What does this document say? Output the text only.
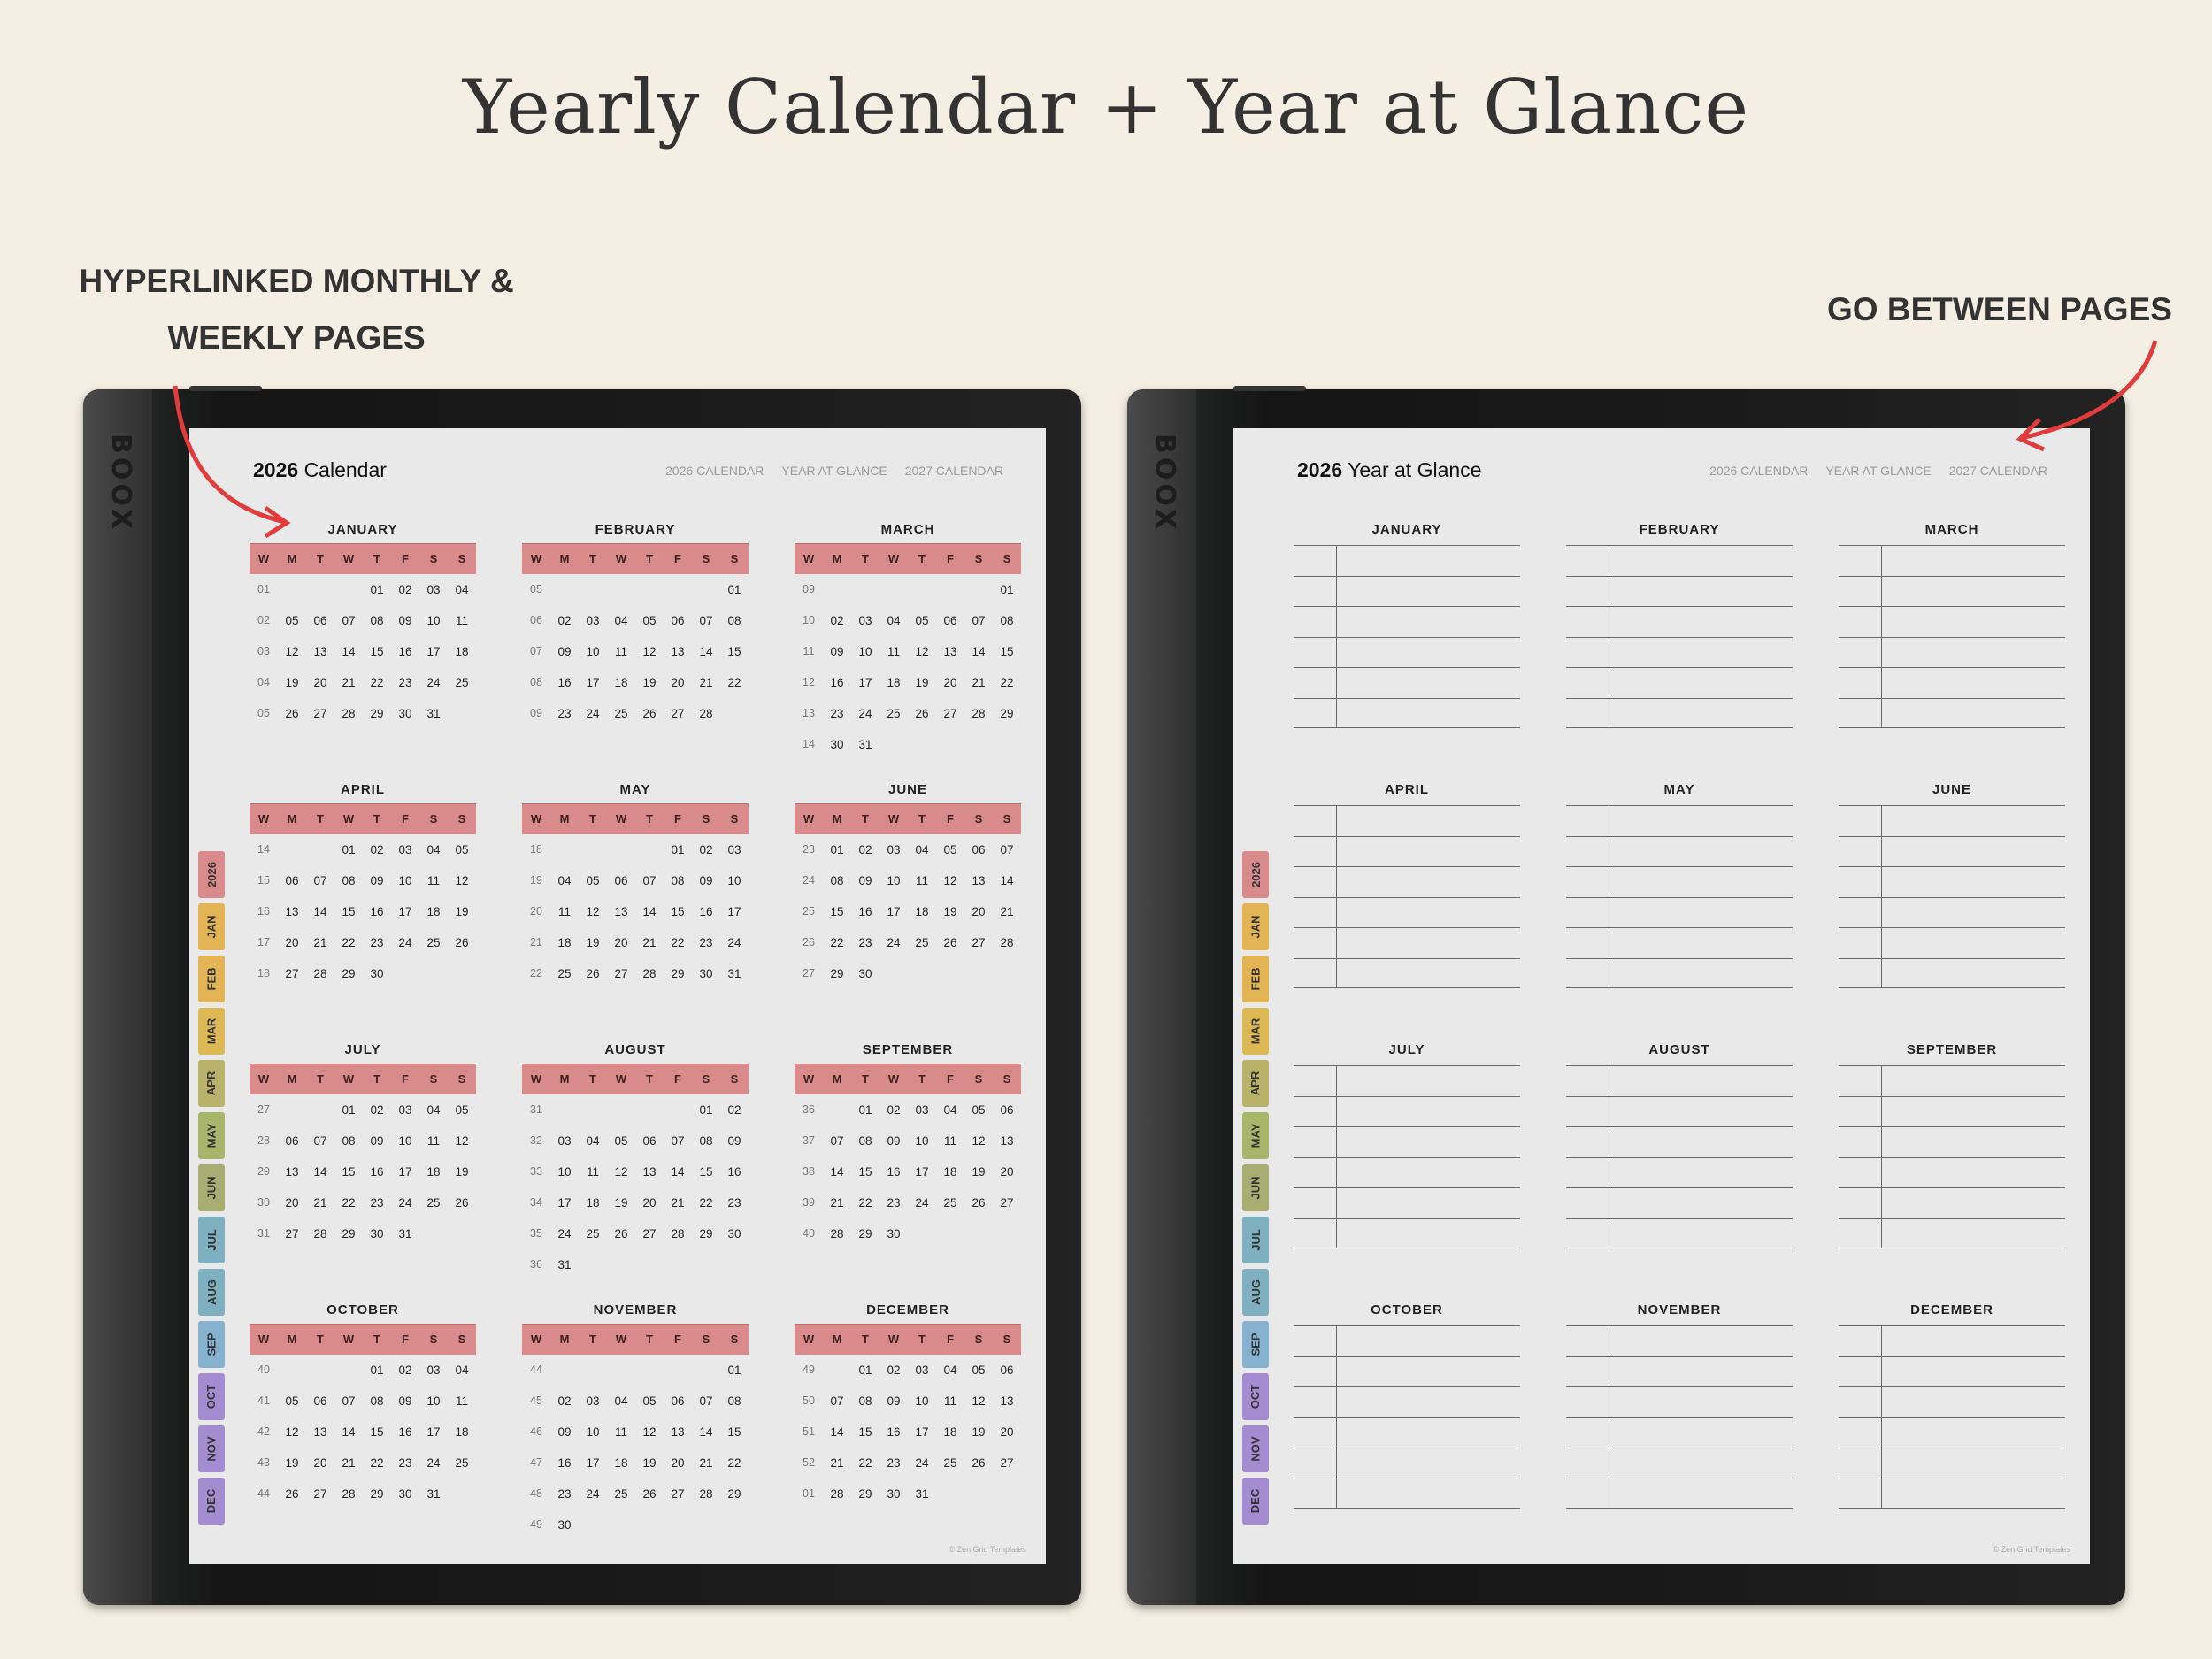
Yearly Calendar + Year at Glance
HYPERLINKED MONTHLY &
WEEKLY PAGES
GO BETWEEN PAGES
BOOX	2026 Calendar	2026 CALENDAR YEAR AT GLANCE 2027 CALENDAR
2026
JAN
FEB
MAR
APR
MAY
JUN
JUL
AUG
SEP
OCT
NOV
DEC
JANUARY
W	M	T	W	T	F	S	S
01				01	02	03	04
02	05	06	07	08	09	10	11
03	12	13	14	15	16	17	18
04	19	20	21	22	23	24	25
05	26	27	28	29	30	31	
FEBRUARY
W	M	T	W	T	F	S	S
05							01
06	02	03	04	05	06	07	08
07	09	10	11	12	13	14	15
08	16	17	18	19	20	21	22
09	23	24	25	26	27	28	
MARCH
W	M	T	W	T	F	S	S
09							01
10	02	03	04	05	06	07	08
11	09	10	11	12	13	14	15
12	16	17	18	19	20	21	22
13	23	24	25	26	27	28	29
14	30	31					
APRIL
W	M	T	W	T	F	S	S
14			01	02	03	04	05
15	06	07	08	09	10	11	12
16	13	14	15	16	17	18	19
17	20	21	22	23	24	25	26
18	27	28	29	30			
MAY
W	M	T	W	T	F	S	S
18					01	02	03
19	04	05	06	07	08	09	10
20	11	12	13	14	15	16	17
21	18	19	20	21	22	23	24
22	25	26	27	28	29	30	31
JUNE
W	M	T	W	T	F	S	S
23	01	02	03	04	05	06	07
24	08	09	10	11	12	13	14
25	15	16	17	18	19	20	21
26	22	23	24	25	26	27	28
27	29	30					
JULY
W	M	T	W	T	F	S	S
27			01	02	03	04	05
28	06	07	08	09	10	11	12
29	13	14	15	16	17	18	19
30	20	21	22	23	24	25	26
31	27	28	29	30	31		
AUGUST
W	M	T	W	T	F	S	S
31						01	02
32	03	04	05	06	07	08	09
33	10	11	12	13	14	15	16
34	17	18	19	20	21	22	23
35	24	25	26	27	28	29	30
36	31						
SEPTEMBER
W	M	T	W	T	F	S	S
36		01	02	03	04	05	06
37	07	08	09	10	11	12	13
38	14	15	16	17	18	19	20
39	21	22	23	24	25	26	27
40	28	29	30				
OCTOBER
W	M	T	W	T	F	S	S
40				01	02	03	04
41	05	06	07	08	09	10	11
42	12	13	14	15	16	17	18
43	19	20	21	22	23	24	25
44	26	27	28	29	30	31	
NOVEMBER
W	M	T	W	T	F	S	S
44							01
45	02	03	04	05	06	07	08
46	09	10	11	12	13	14	15
47	16	17	18	19	20	21	22
48	23	24	25	26	27	28	29
49	30						
DECEMBER
W	M	T	W	T	F	S	S
49		01	02	03	04	05	06
50	07	08	09	10	11	12	13
51	14	15	16	17	18	19	20
52	21	22	23	24	25	26	27
01	28	29	30	31			
© Zen Grid Templates
BOOX	2026 Year at Glance	2026 CALENDAR YEAR AT GLANCE 2027 CALENDAR
2026
JAN
FEB
MAR
APR
MAY
JUN
JUL
AUG
SEP
OCT
NOV
DEC
JANUARY	FEBRUARY	MARCH
APRIL	MAY	JUNE
JULY	AUGUST	SEPTEMBER
OCTOBER	NOVEMBER	DECEMBER
© Zen Grid Templates
